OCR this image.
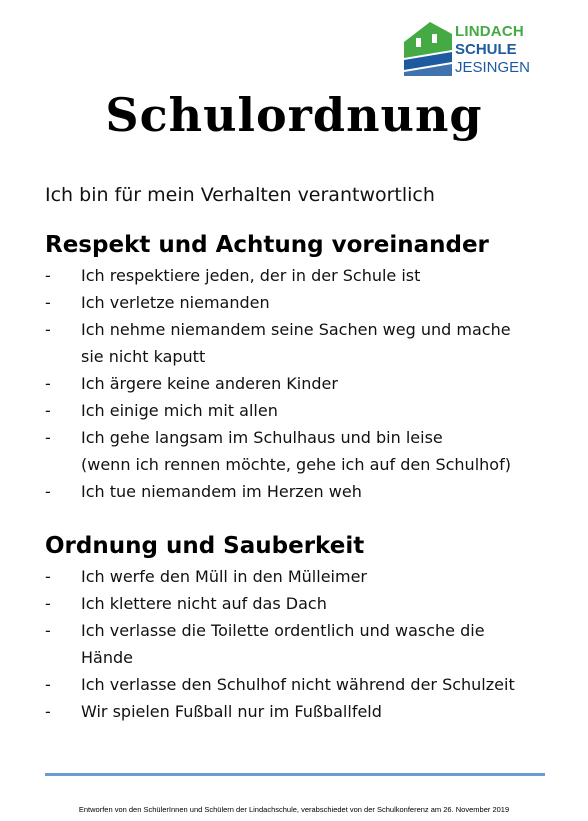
LINDACH
SCHULE
JESINGEN
Schulordnung
Ich bin für mein Verhalten verantwortlich
Respekt und Achtung voreinander
- Ich respektiere jeden, der in der Schule ist
- Ich verletze niemanden
- Ich nehme niemandem seine Sachen weg und mache
sie nicht kaputt
- Ich ärgere keine anderen Kinder
- Ich einige mich mit allen
- Ich gehe langsam im Schulhaus und bin leise
(wenn ich rennen möchte, gehe ich auf den Schulhof)
- Ich tue niemandem im Herzen weh
Ordnung und Sauberkeit
- Ich werfe den Müll in den Mülleimer
- Ich klettere nicht auf das Dach
- Ich verlasse die Toilette ordentlich und wasche die
Hände
- Ich verlasse den Schulhof nicht während der Schulzeit
- Wir spielen Fußball nur im Fußballfeld
Entworfen von den SchülerInnen und Schülern der Lindachschule, verabschiedet von der Schulkonferenz am 26. November 2019
